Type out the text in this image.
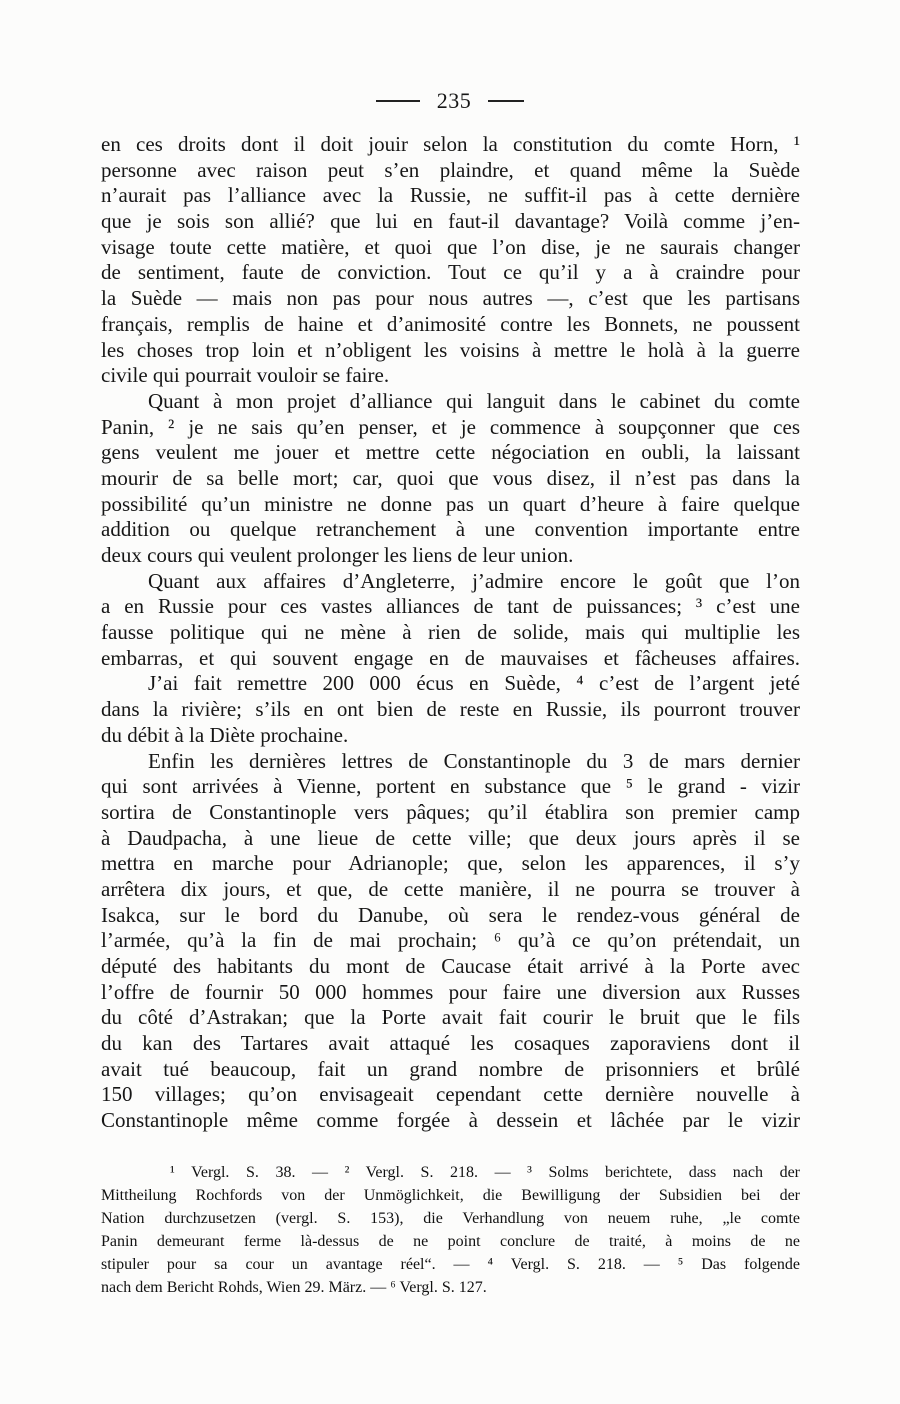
235
en ces droits dont il doit jouir selon la constitution du comte Horn, ¹
personne avec raison peut s’en plaindre, et quand même la Suède
n’aurait pas l’alliance avec la Russie, ne suffit-il pas à cette dernière
que je sois son allié? que lui en faut-il davantage? Voilà comme j’en-
visage toute cette matière, et quoi que l’on dise, je ne saurais changer
de sentiment, faute de conviction. Tout ce qu’il y a à craindre pour
la Suède — mais non pas pour nous autres —, c’est que les partisans
français, remplis de haine et d’animosité contre les Bonnets, ne poussent
les choses trop loin et n’obligent les voisins à mettre le holà à la guerre
civile qui pourrait vouloir se faire.
Quant à mon projet d’alliance qui languit dans le cabinet du comte
Panin, ² je ne sais qu’en penser, et je commence à soupçonner que ces
gens veulent me jouer et mettre cette négociation en oubli, la laissant
mourir de sa belle mort; car, quoi que vous disez, il n’est pas dans la
possibilité qu’un ministre ne donne pas un quart d’heure à faire quelque
addition ou quelque retranchement à une convention importante entre
deux cours qui veulent prolonger les liens de leur union.
Quant aux affaires d’Angleterre, j’admire encore le goût que l’on
a en Russie pour ces vastes alliances de tant de puissances; ³ c’est une
fausse politique qui ne mène à rien de solide, mais qui multiplie les
embarras, et qui souvent engage en de mauvaises et fâcheuses affaires.
J’ai fait remettre 200 000 écus en Suède, ⁴ c’est de l’argent jeté
dans la rivière; s’ils en ont bien de reste en Russie, ils pourront trouver
du débit à la Diète prochaine.
Enfin les dernières lettres de Constantinople du 3 de mars dernier
qui sont arrivées à Vienne, portent en substance que ⁵ le grand - vizir
sortira de Constantinople vers pâques; qu’il établira son premier camp
à Daudpacha, à une lieue de cette ville; que deux jours après il se
mettra en marche pour Adrianople; que, selon les apparences, il s’y
arrêtera dix jours, et que, de cette manière, il ne pourra se trouver à
Isakca, sur le bord du Danube, où sera le rendez-vous général de
l’armée, qu’à la fin de mai prochain; ⁶ qu’à ce qu’on prétendait, un
député des habitants du mont de Caucase était arrivé à la Porte avec
l’offre de fournir 50 000 hommes pour faire une diversion aux Russes
du côté d’Astrakan; que la Porte avait fait courir le bruit que le fils
du kan des Tartares avait attaqué les cosaques zaporaviens dont il
avait tué beaucoup, fait un grand nombre de prisonniers et brûlé
150 villages; qu’on envisageait cependant cette dernière nouvelle à
Constantinople même comme forgée à dessein et lâchée par le vizir
¹ Vergl. S. 38. — ² Vergl. S. 218. — ³ Solms berichtete, dass nach der
Mittheilung Rochfords von der Unmöglichkeit, die Bewilligung der Subsidien bei der
Nation durchzusetzen (vergl. S. 153), die Verhandlung von neuem ruhe, „le comte
Panin demeurant ferme là-dessus de ne point conclure de traité, à moins de ne
stipuler pour sa cour un avantage réel“. — ⁴ Vergl. S. 218. — ⁵ Das folgende
nach dem Bericht Rohds, Wien 29. März. — ⁶ Vergl. S. 127.
